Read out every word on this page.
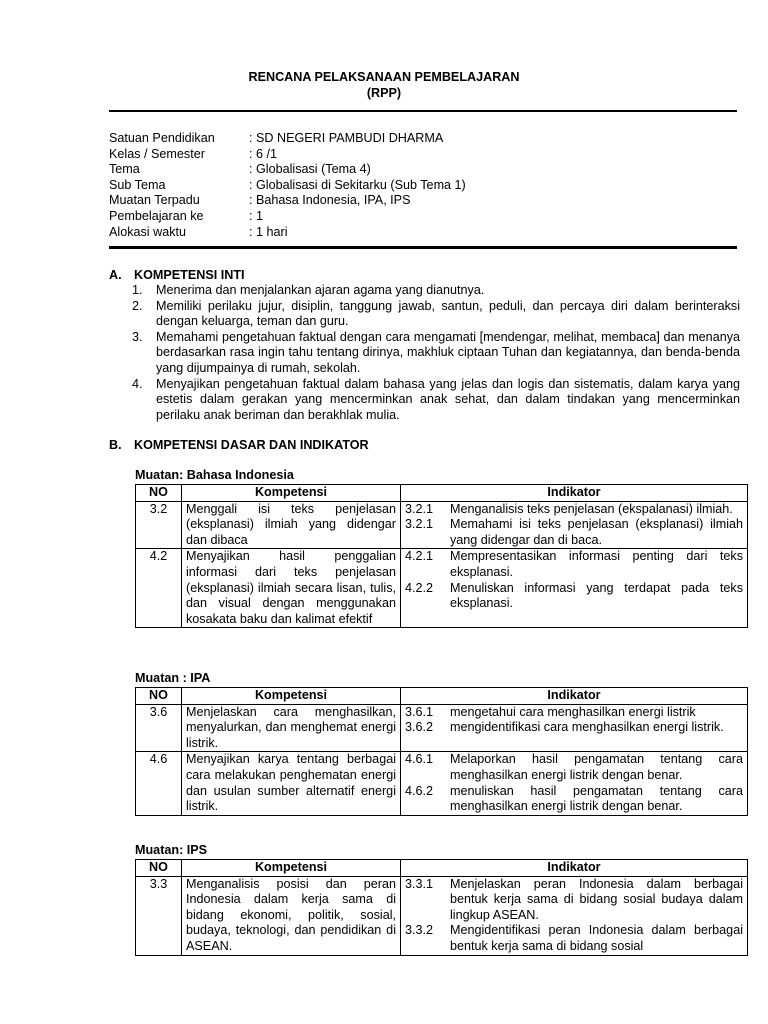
RENCANA PELAKSANAAN PEMBELAJARAN
(RPP)
Satuan Pendidikan	: SD NEGERI PAMBUDI DHARMA
Kelas / Semester	: 6 /1
Tema	: Globalisasi (Tema 4)
Sub Tema	: Globalisasi di Sekitarku (Sub Tema 1)
Muatan Terpadu	: Bahasa Indonesia, IPA, IPS
Pembelajaran ke	: 1
Alokasi waktu	: 1 hari
A. KOMPETENSI INTI
1. Menerima dan menjalankan ajaran agama yang dianutnya.
2. Memiliki perilaku jujur, disiplin, tanggung jawab, santun, peduli, dan percaya diri dalam berinteraksi dengan keluarga, teman dan guru.
3. Memahami pengetahuan faktual dengan cara mengamati [mendengar, melihat, membaca] dan menanya berdasarkan rasa ingin tahu tentang dirinya, makhluk ciptaan Tuhan dan kegiatannya, dan benda-benda yang dijumpainya di rumah, sekolah.
4. Menyajikan pengetahuan faktual dalam bahasa yang jelas dan logis dan sistematis, dalam karya yang estetis dalam gerakan yang mencerminkan anak sehat, dan dalam tindakan yang mencerminkan perilaku anak beriman dan berakhlak mulia.
B. KOMPETENSI DASAR DAN INDIKATOR
Muatan: Bahasa Indonesia
NO	Kompetensi	Indikator
3.2	Menggali isi teks penjelasan (eksplanasi) ilmiah yang didengar dan dibaca	3.2.1 Menganalisis teks penjelasan (ekspalanasi) ilmiah.
3.2.1 Memahami isi teks penjelasan (eksplanasi) ilmiah yang didengar dan di baca.

4.2	Menyajikan hasil penggalian informasi dari teks penjelasan (eksplanasi) ilmiah secara lisan, tulis, dan visual dengan menggunakan kosakata baku dan kalimat efektif	4.2.1 Mempresentasikan informasi penting dari teks eksplanasi.
4.2.2 Menuliskan informasi yang terdapat pada teks eksplanasi.
Muatan : IPA
NO	Kompetensi	Indikator
3.6	Menjelaskan cara menghasilkan, menyalurkan, dan menghemat energi listrik.	3.6.1 mengetahui cara menghasilkan energi listrik
3.6.2 mengidentifikasi cara menghasilkan energi listrik.

4.6	Menyajikan karya tentang berbagai cara melakukan penghematan energi dan usulan sumber alternatif energi listrik.	4.6.1 Melaporkan hasil pengamatan tentang cara menghasilkan energi listrik dengan benar.
4.6.2 menuliskan hasil pengamatan tentang cara menghasilkan energi listrik dengan benar.
Muatan: IPS
NO	Kompetensi	Indikator
3.3	Menganalisis posisi dan peran Indonesia dalam kerja sama di bidang ekonomi, politik, sosial, budaya, teknologi, dan pendidikan di ASEAN.	3.3.1 Menjelaskan peran Indonesia dalam berbagai bentuk kerja sama di bidang sosial budaya dalam lingkup ASEAN.
3.3.2 Mengidentifikasi peran Indonesia dalam berbagai bentuk kerja sama di bidang sosial
